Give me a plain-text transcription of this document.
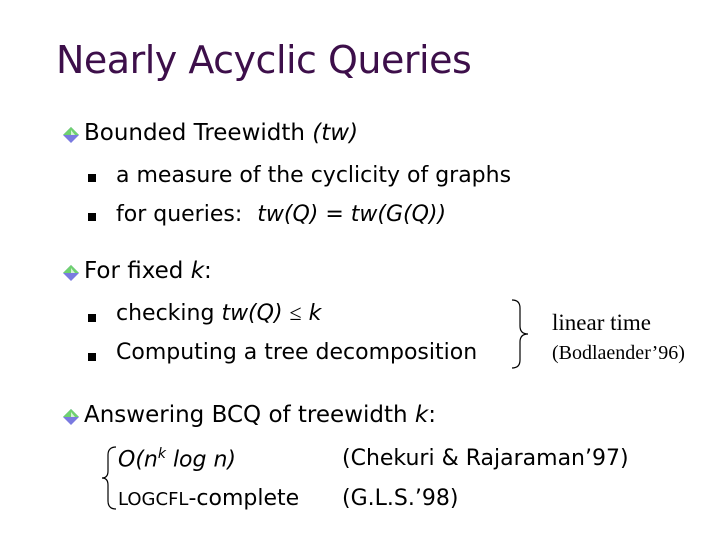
Nearly Acyclic Queries
Bounded Treewidth (tw)
a measure of the cyclicity of graphs
for queries: tw(Q) = tw(G(Q))
For fixed k:
checking tw(Q) ≤ k
Computing a tree decomposition
linear time
(Bodlaender’96)
Answering BCQ of treewidth k:
$O(n^k$ log n)	(Chekuri & Rajaraman’97)
LOGCFL-complete (G.L.S.’98)
